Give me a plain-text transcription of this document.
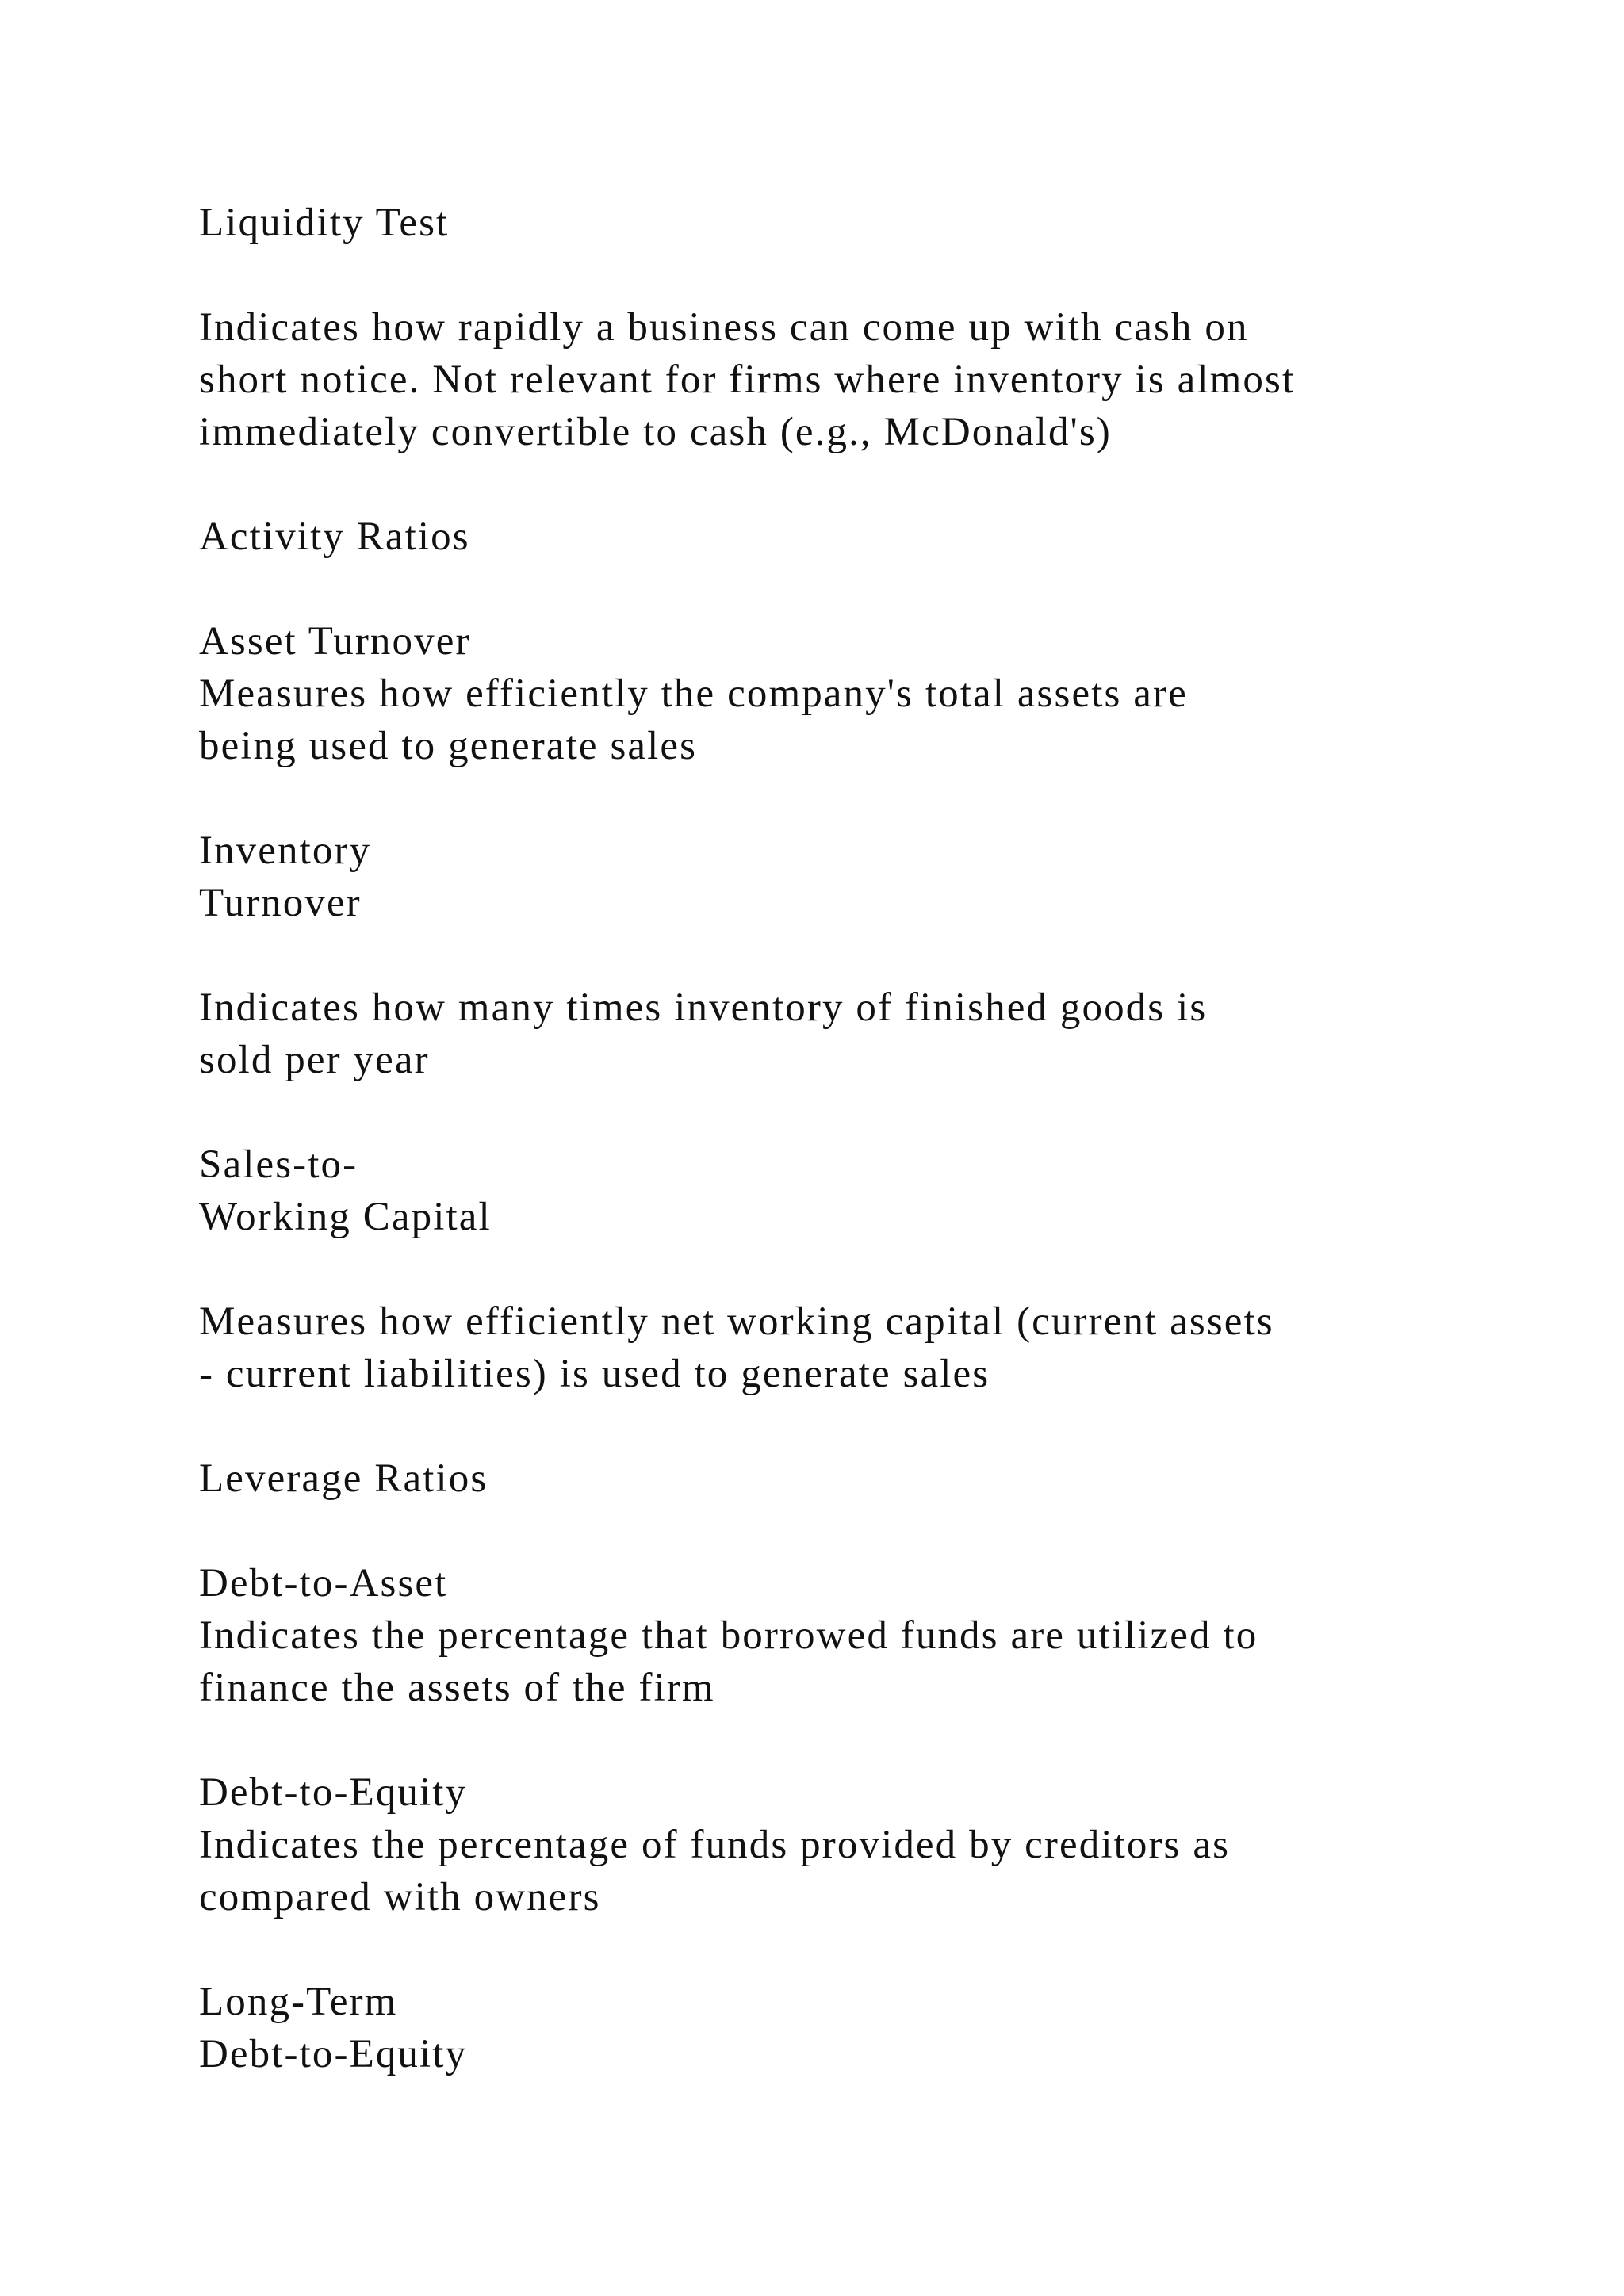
Liquidity Test
Indicates how rapidly a business can come up with cash on
short notice. Not relevant for firms where inventory is almost
immediately convertible to cash (e.g., McDonald's)
Activity Ratios
Asset Turnover
Measures how efficiently the company's total assets are
being used to generate sales
Inventory
Turnover
Indicates how many times inventory of finished goods is
sold per year
Sales-to-
Working Capital
Measures how efficiently net working capital (current assets
- current liabilities) is used to generate sales
Leverage Ratios
Debt-to-Asset
Indicates the percentage that borrowed funds are utilized to
finance the assets of the firm
Debt-to-Equity
Indicates the percentage of funds provided by creditors as
compared with owners
Long-Term
Debt-to-Equity
